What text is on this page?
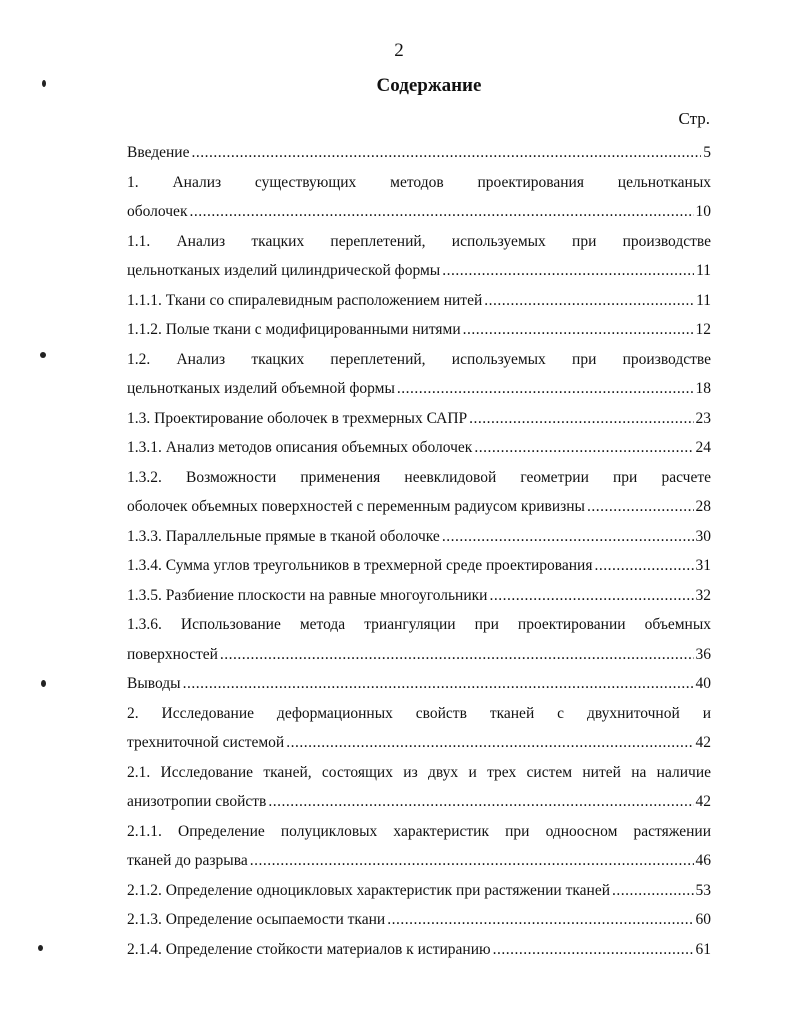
2
Содержание
Стр.
Введение .....	5
1. Анализ существующих методов проектирования цельнотканых
оболочек .....	10
1.1. Анализ ткацких переплетений, используемых при производстве
цельнотканых изделий цилиндрической формы .....	11
1.1.1. Ткани со спиралевидным расположением нитей .....	11
1.1.2. Полые ткани с модифицированными нитями .....	12
1.2. Анализ ткацких переплетений, используемых при производстве
цельнотканых изделий объемной формы .....	18
1.3. Проектирование оболочек в трехмерных САПР .....	23
1.3.1. Анализ методов описания объемных оболочек .....	24
1.3.2. Возможности применения неевклидовой геометрии при расчете
оболочек объемных поверхностей с переменным радиусом кривизны .....	28
1.3.3. Параллельные прямые в тканой оболочке .....	30
1.3.4. Сумма углов треугольников в трехмерной среде проектирования .....	31
1.3.5. Разбиение плоскости на равные многоугольники .....	32
1.3.6. Использование метода триангуляции при проектировании объемных
поверхностей .....	36
Выводы .....	40
2. Исследование деформационных свойств тканей с двухниточной и
трехниточной системой .....	42
2.1. Исследование тканей, состоящих из двух и трех систем нитей на наличие
анизотропии свойств .....	42
2.1.1. Определение полуцикловых характеристик при одноосном растяжении
тканей до разрыва .....	46
2.1.2. Определение одноцикловых характеристик при растяжении тканей .....	53
2.1.3. Определение осыпаемости ткани .....	60
2.1.4. Определение стойкости материалов к истиранию .....	61
